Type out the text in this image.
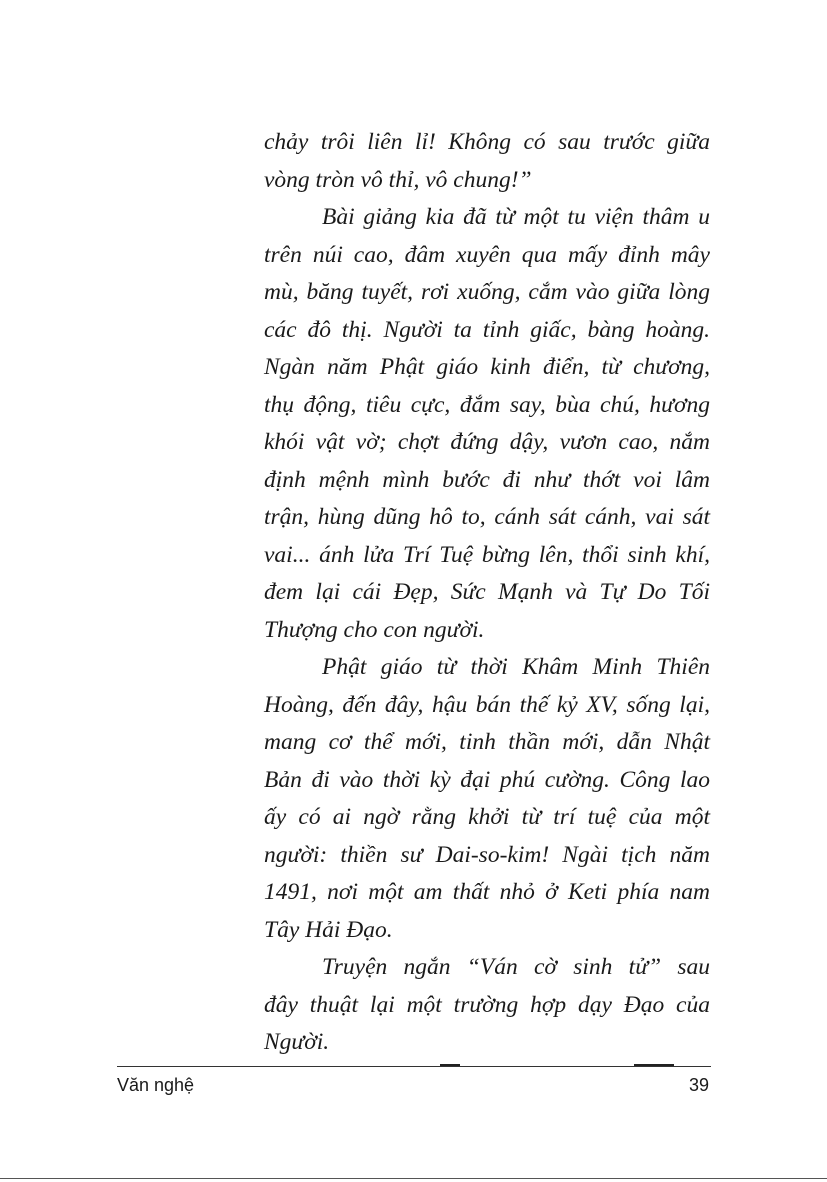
chảy trôi liên lỉ! Không có sau trước giữa
vòng tròn vô thỉ, vô chung!”

Bài giảng kia đã từ một tu viện thâm u
trên núi cao, đâm xuyên qua mấy đỉnh mây
mù, băng tuyết, rơi xuống, cắm vào giữa lòng
các đô thị. Người ta tỉnh giấc, bàng hoàng.
Ngàn năm Phật giáo kinh điển, từ chương,
thụ động, tiêu cực, đắm say, bùa chú, hương
khói vật vờ; chợt đứng dậy, vươn cao, nắm
định mệnh mình bước đi như thớt voi lâm
trận, hùng dũng hô to, cánh sát cánh, vai sát
vai... ánh lửa Trí Tuệ bừng lên, thổi sinh khí,
đem lại cái Đẹp, Sức Mạnh và Tự Do Tối
Thượng cho con người.

Phật giáo từ thời Khâm Minh Thiên
Hoàng, đến đây, hậu bán thế kỷ XV, sống lại,
mang cơ thể mới, tinh thần mới, dẫn Nhật
Bản đi vào thời kỳ đại phú cường. Công lao
ấy có ai ngờ rằng khởi từ trí tuệ của một
người: thiền sư Dai-so-kim! Ngài tịch năm
1491, nơi một am thất nhỏ ở Keti phía nam
Tây Hải Đạo.

Truyện ngắn “Ván cờ sinh tử” sau
đây thuật lại một trường hợp dạy Đạo của
Người.

Văn nghệ	39
